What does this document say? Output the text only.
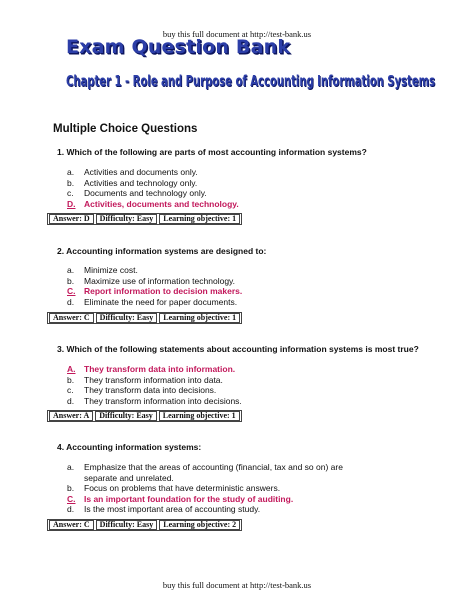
buy this full document at http://test-bank.us
Exam Question Bank
Chapter 1 - Role and Purpose of Accounting Information Systems
Multiple Choice Questions
1. Which of the following are parts of most accounting information systems?
a.	Activities and documents only.
b.	Activities and technology only.
c.	Documents and technology only.
D.	Activities, documents and technology.
Answer: D	Difficulty: Easy	Learning objective: 1
2. Accounting information systems are designed to:
a.	Minimize cost.
b.	Maximize use of information technology.
C.	Report information to decision makers.
d.	Eliminate the need for paper documents.
Answer: C	Difficulty: Easy	Learning objective: 1
3. Which of the following statements about accounting information systems is most true?
A.	They transform data into information.
b.	They transform information into data.
c.	They transform data into decisions.
d.	They transform information into decisions.
Answer: A	Difficulty: Easy	Learning objective: 1
4. Accounting information systems:
a.	Emphasize that the areas of accounting (financial, tax and so on) are separate and unrelated.
b.	Focus on problems that have deterministic answers.
C.	Is an important foundation for the study of auditing.
d.	Is the most important area of accounting study.
Answer: C	Difficulty: Easy	Learning objective: 2
buy this full document at http://test-bank.us
